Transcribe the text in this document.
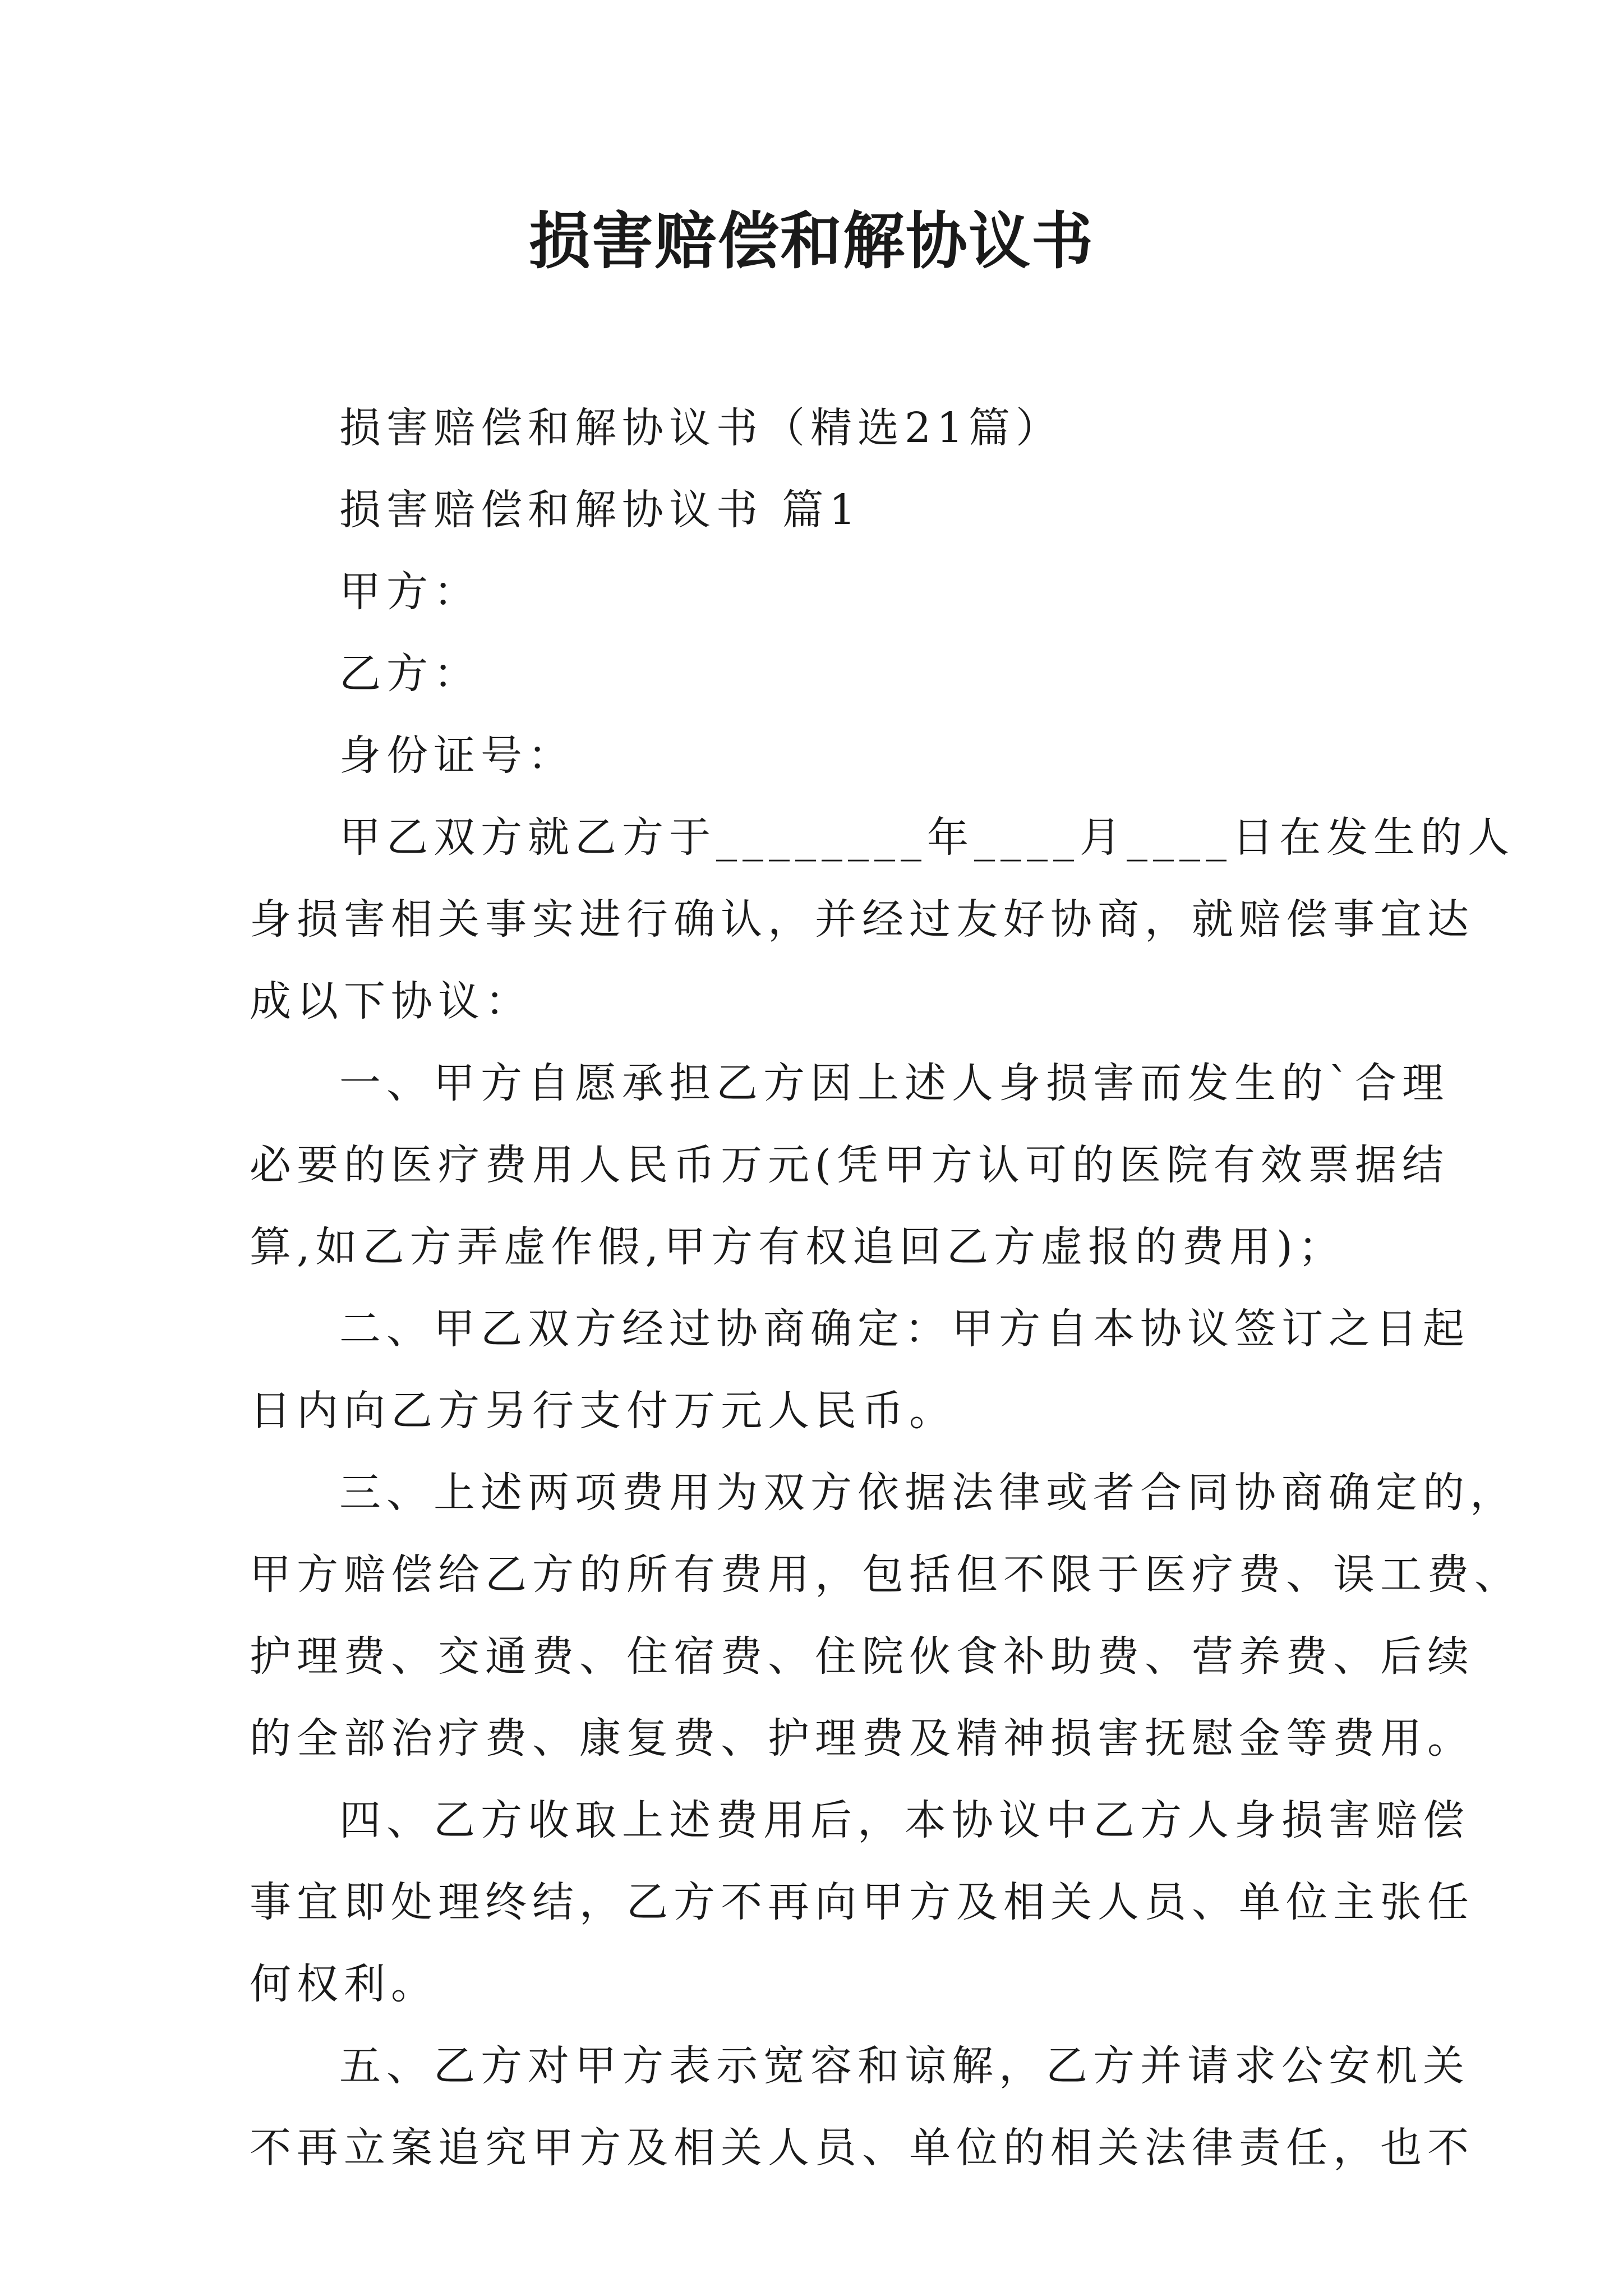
损害赔偿和解协议书
损害赔偿和解协议书（精选21篇）
损害赔偿和解协议书 篇1
甲方：
乙方：
身份证号：
甲乙双方就乙方于________年____月____日在发生的人
身损害相关事实进行确认，并经过友好协商，就赔偿事宜达
成以下协议：
一、甲方自愿承担乙方因上述人身损害而发生的`合理
必要的医疗费用人民币万元(凭甲方认可的医院有效票据结
算,如乙方弄虚作假,甲方有权追回乙方虚报的费用)；
二、甲乙双方经过协商确定：甲方自本协议签订之日起
日内向乙方另行支付万元人民币。
三、上述两项费用为双方依据法律或者合同协商确定的，
甲方赔偿给乙方的所有费用，包括但不限于医疗费、误工费、
护理费、交通费、住宿费、住院伙食补助费、营养费、后续
的全部治疗费、康复费、护理费及精神损害抚慰金等费用。
四、乙方收取上述费用后，本协议中乙方人身损害赔偿
事宜即处理终结，乙方不再向甲方及相关人员、单位主张任
何权利。
五、乙方对甲方表示宽容和谅解，乙方并请求公安机关
不再立案追究甲方及相关人员、单位的相关法律责任，也不
